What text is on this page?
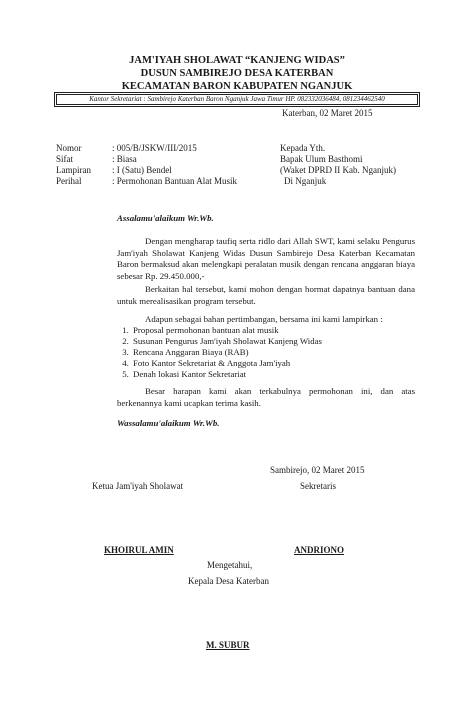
JAM'IYAH SHOLAWAT “KANJENG WIDAS”
DUSUN SAMBIREJO DESA KATERBAN
KECAMATAN BARON KABUPATEN NGANJUK
Kantor Sekretariat : Sambirejo Katerban Baron Nganjuk Jawa Timur HP. 082332036484, 081234462540
Katerban, 02 Maret 2015
Nomor	: 005/B/JSKW/III/2015
Sifat	: Biasa
Lampiran : I (Satu) Bendel
Perihal	: Permohonan Bantuan Alat Musik
Kepada Yth.
Bapak Ulum Basthomi
(Waket DPRD II Kab. Nganjuk)
Di Nganjuk
Assalamu'alaikum Wr.Wb.
Dengan mengharap taufiq serta ridlo dari Allah SWT, kami selaku Pengurus Jam'iyah Sholawat Kanjeng Widas Dusun Sambirejo Desa Katerban Kecamatan Baron bermaksud akan melengkapi peralatan musik dengan rencana anggaran biaya sebesar Rp. 29.450.000,-
Berkaitan hal tersebut, kami mohon dengan hormat dapatnya bantuan dana untuk merealisasikan program tersebut.
Adapun sebagai bahan pertimbangan, bersama ini kami lampirkan :
1. Proposal permohonan bantuan alat musik
2. Susunan Pengurus Jam'iyah Sholawat Kanjeng Widas
3. Rencana Anggaran Biaya (RAB)
4. Foto Kantor Sekretariat & Anggota Jam'iyah
5. Denah lokasi Kantor Sekretariat
Besar harapan kami akan terkabulnya permohonan ini, dan atas berkenannya kami ucapkan terima kasih.
Wassalamu'alaikum Wr.Wb.
Sambirejo, 02 Maret 2015
Ketua Jam'iyah Sholawat	Sekretaris
KHOIRUL AMIN	ANDRIONO
Mengetahui,
Kepala Desa Katerban
M. SUBUR
